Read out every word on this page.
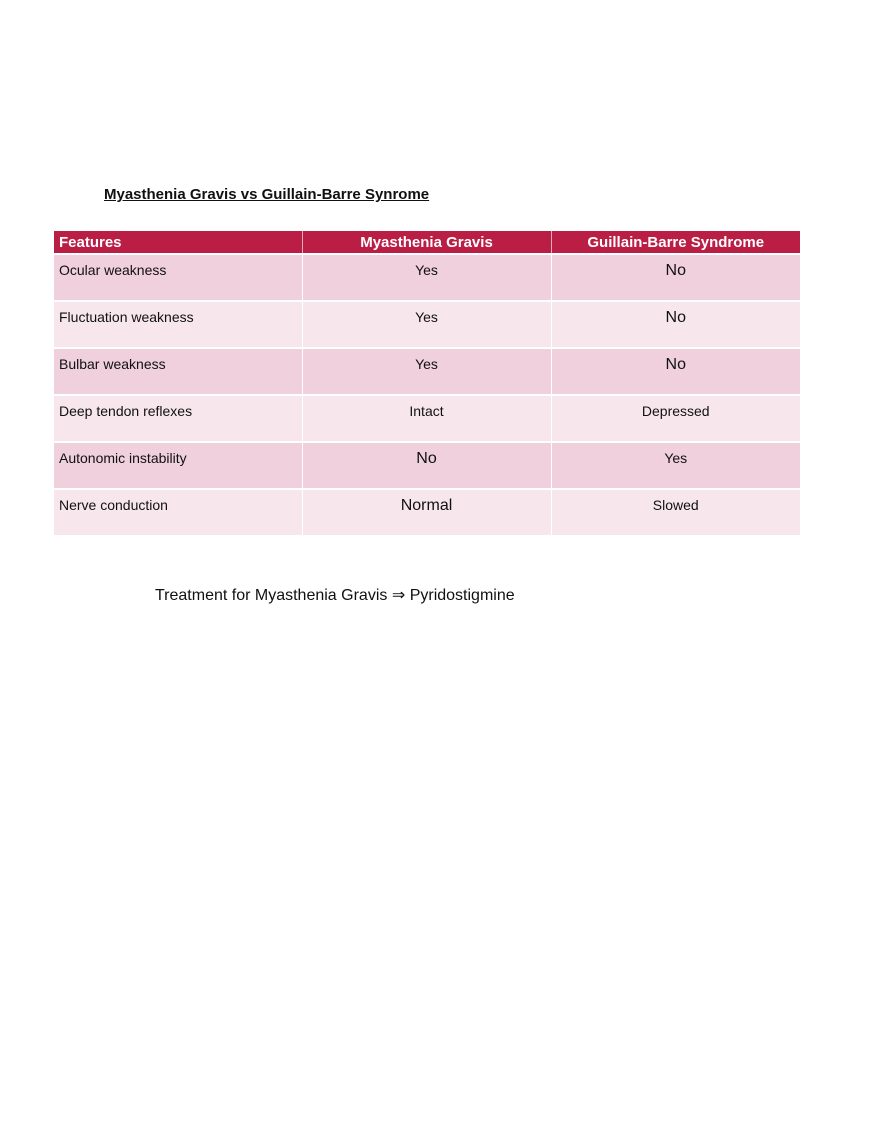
Myasthenia Gravis vs Guillain-Barre Synrome
Features	Myasthenia Gravis	Guillain-Barre Syndrome
Ocular weakness	Yes	No
Fluctuation weakness	Yes	No
Bulbar weakness	Yes	No
Deep tendon reflexes	Intact	Depressed
Autonomic instability	No	Yes
Nerve conduction	Normal	Slowed
Treatment for Myasthenia Gravis ⇒ Pyridostigmine
